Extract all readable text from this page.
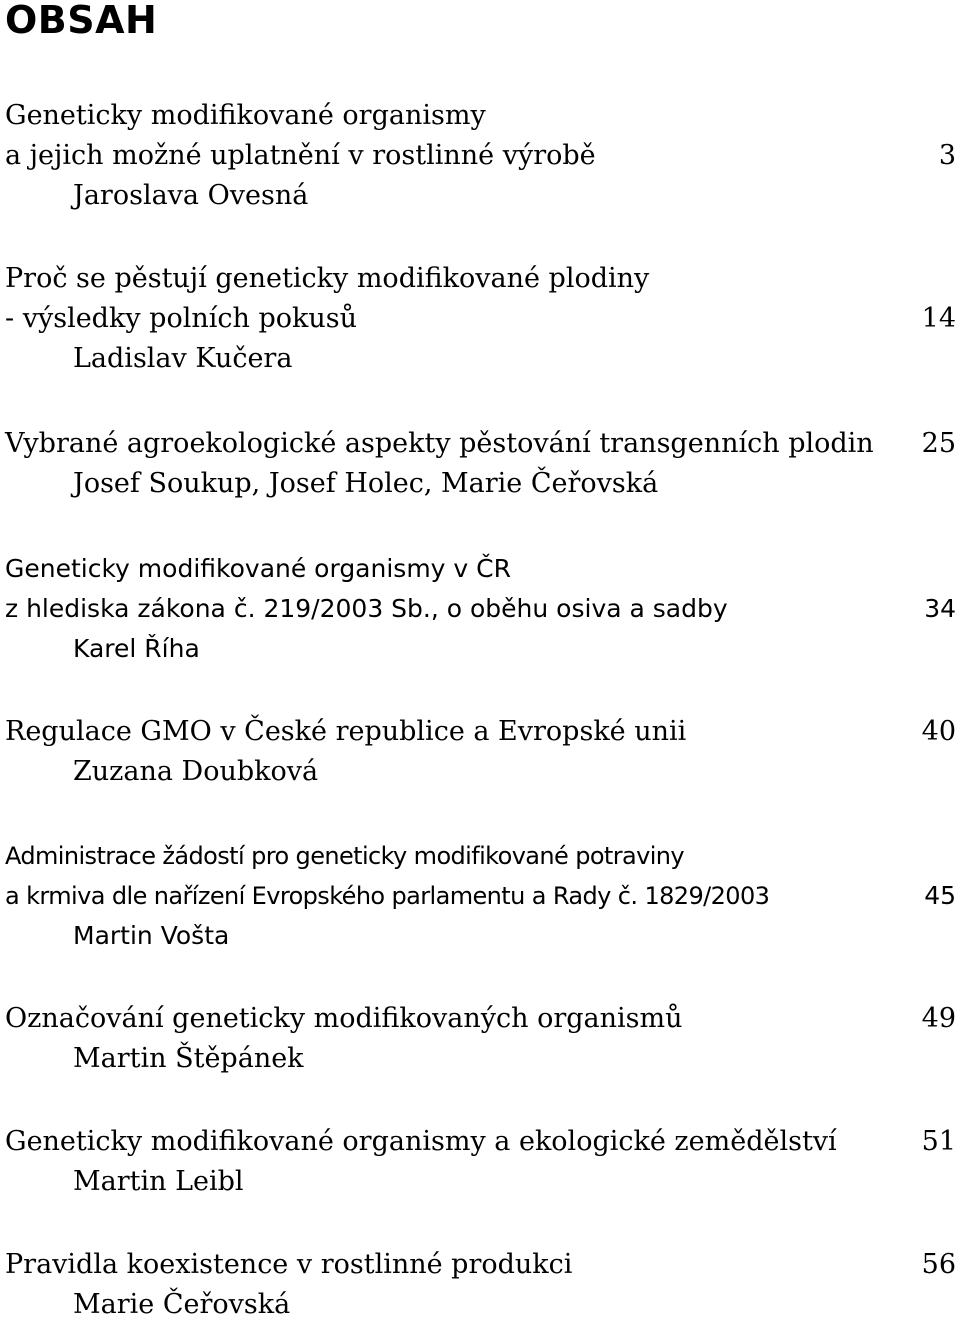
OBSAH
Geneticky modifikované organismy
a jejich možné uplatnění v rostlinné výrobě	3
Jaroslava Ovesná
Proč se pěstují geneticky modifikované plodiny
- výsledky polních pokusů	14
Ladislav Kučera
Vybrané agroekologické aspekty pěstování transgenních plodin 25
Josef Soukup, Josef Holec, Marie Čeřovská
Geneticky modifikované organismy v ČR
z hlediska zákona č. 219/2003 Sb., o oběhu osiva a sadby	34
Karel Říha
Regulace GMO v České republice a Evropské unii	40
Zuzana Doubková
Administrace žádostí pro geneticky modifikované potraviny
a krmiva dle nařízení Evropského parlamentu a Rady č. 1829/2003	45
Martin Vošta
Označování geneticky modifikovaných organismů	49
Martin Štěpánek
Geneticky modifikované organismy a ekologické zemědělství	51
Martin Leibl
Pravidla koexistence v rostlinné produkci	56
Marie Čeřovská
